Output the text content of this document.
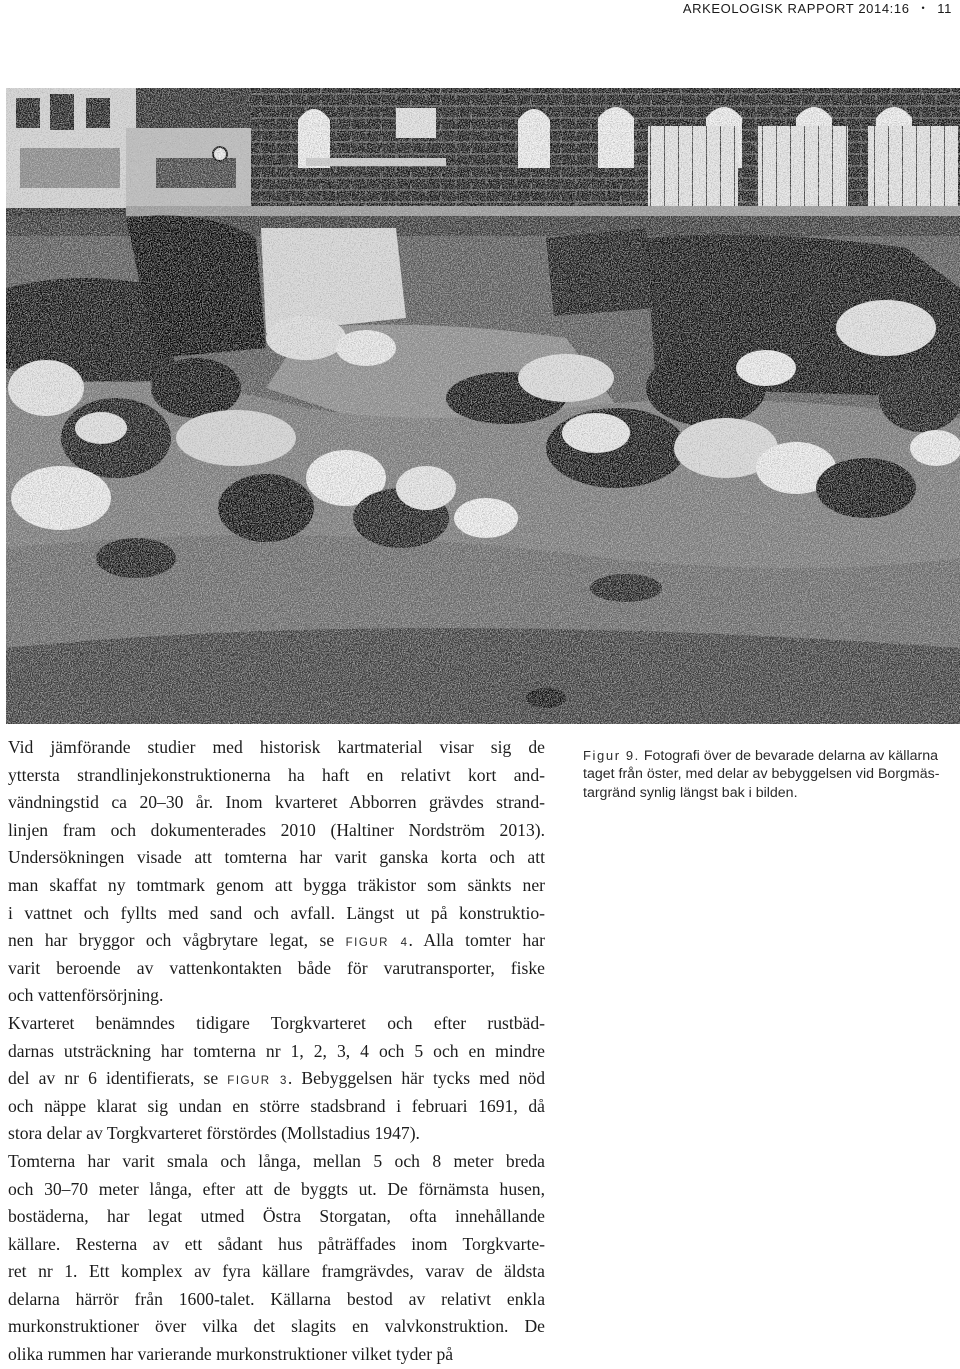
ARKEOLOGISK RAPPORT 2014:16 • 11
Vid jämförande studier med historisk kartmaterial visar sig de
yttersta strandlinjekonstruktionerna ha haft en relativt kort and-
vändningstid ca 20–30 år. Inom kvarteret Abborren grävdes strand-
linjen fram och dokumenterades 2010 (Haltiner Nordström 2013).
Undersökningen visade att tomterna har varit ganska korta och att
man skaffat ny tomtmark genom att bygga träkistor som sänkts ner
i vattnet och fyllts med sand och avfall. Längst ut på konstruktio-
nen har bryggor och vågbrytare legat, se FIGUR 4. Alla tomter har
varit beroende av vattenkontakten både för varutransporter, fiske
och vattenförsörjning.
Kvarteret benämndes tidigare Torgkvarteret och efter rustbäd-
darnas utsträckning har tomterna nr 1, 2, 3, 4 och 5 och en mindre
del av nr 6 identifierats, se FIGUR 3. Bebyggelsen här tycks med nöd
och näppe klarat sig undan en större stadsbrand i februari 1691, då
stora delar av Torgkvarteret förstördes (Mollstadius 1947).
Tomterna har varit smala och långa, mellan 5 och 8 meter breda
och 30–70 meter långa, efter att de byggts ut. De förnämsta husen,
bostäderna, har legat utmed Östra Storgatan, ofta innehållande
källare. Resterna av ett sådant hus påträffades inom Torgkvarte-
ret nr 1. Ett komplex av fyra källare framgrävdes, varav de äldsta
delarna härrör från 1600-talet. Källarna bestod av relativt enkla
murkonstruktioner över vilka det slagits en valvkonstruktion. De
olika rummen har varierande murkonstruktioner vilket tyder på
Figur 9. Fotografi över de bevarade delarna av källarna
taget från öster, med delar av bebyggelsen vid Borgmäs-
targränd synlig längst bak i bilden.
